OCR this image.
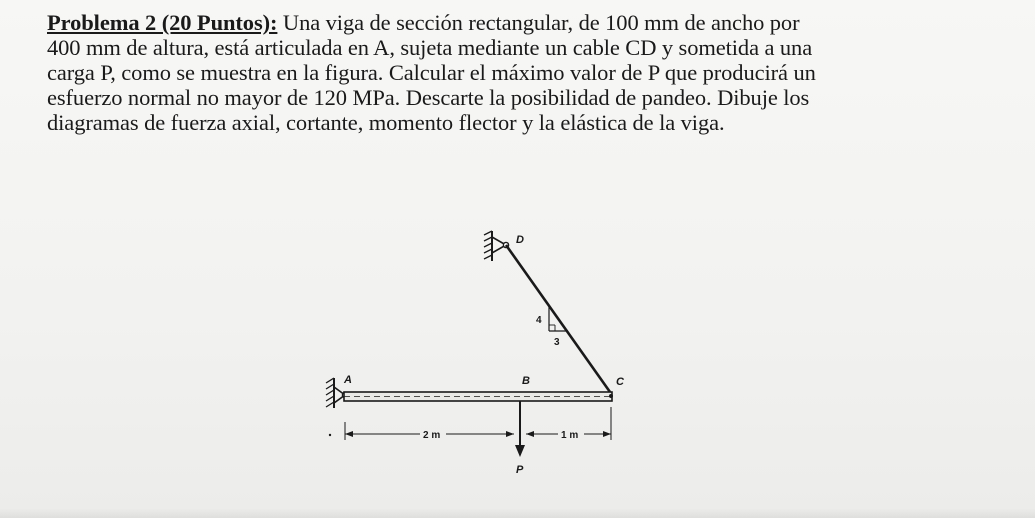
Problema 2 (20 Puntos): Una viga de sección rectangular, de 100 mm de ancho por
400 mm de altura, está articulada en A, sujeta mediante un cable CD y sometida a una
carga P, como se muestra en la figura. Calcular el máximo valor de P que producirá un
esfuerzo normal no mayor de 120 MPa. Descarte la posibilidad de pandeo. Dibuje los
diagramas de fuerza axial, cortante, momento flector y la elástica de la viga.
D
4
3
A	B	C
P
2 m	1 m
